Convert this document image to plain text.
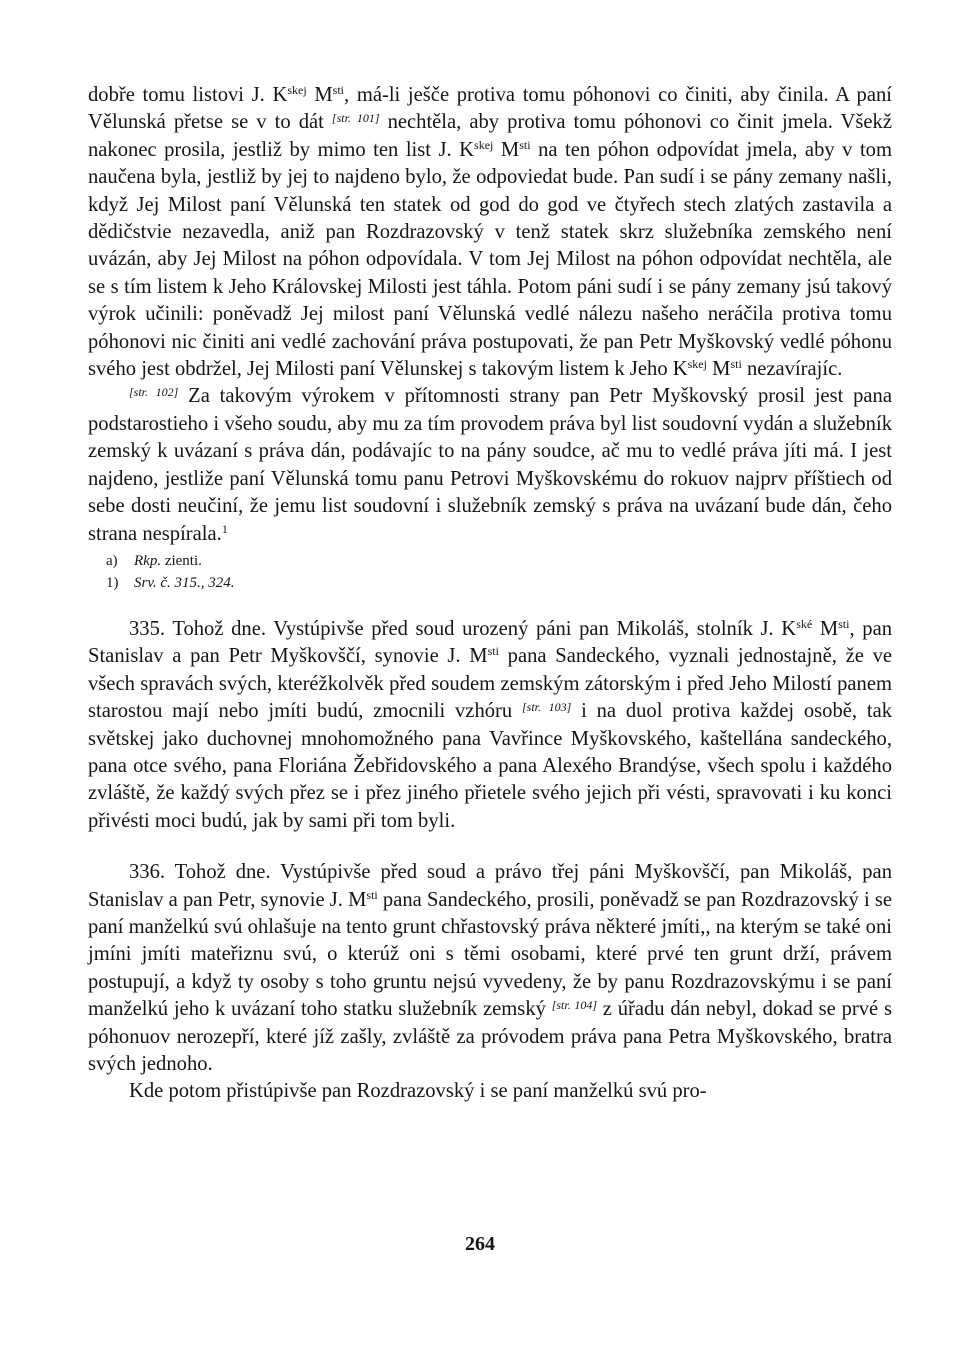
dobře tomu listovi J. $K^{skej}$ $M^{sti}$, má-li ješče protiva tomu póhonovi co činiti, aby činila. A paní Vělunská přetse se v to dát [str. 101] nechtěla, aby protiva tomu póhonovi co činit jmela. Všekž nakonec prosila, jestliž by mimo ten list J. $K^{skej}$ $M^{sti}$ na ten póhon odpovídat jmela, aby v tom naučena byla, jestliž by jej to najdeno bylo, že odpoviedat bude. Pan sudí i se pány zemany našli, když Jej Milost paní Vělunská ten statek od god do god ve čtyřech stech zlatých zastavila a dědičstvie nezavedla, aniž pan Rozdrazovský v tenž statek skrz služebníka zemského není uvázán, aby Jej Milost na póhon odpovídala. V tom Jej Milost na póhon odpovídat nechtěla, ale se s tím listem k Jeho Královskej Milosti jest táhla. Potom páni sudí i se pány zemany jsú takový výrok učinili: poněvadž Jej milost paní Vělunská vedlé nálezu našeho neráčila protiva tomu póhonovi nic činiti ani vedlé zachování práva postupovati, že pan Petr Myškovský vedlé póhonu svého jest obdržel, Jej Milosti paní Vělunskej s takovým listem k Jeho $K^{skej}$ $M^{sti}$ nezavírajíc.

[str. 102] Za takovým výrokem v přítomnosti strany pan Petr Myškovský prosil jest pana podstarostieho i všeho soudu, aby mu za tím provodem práva byl list soudovní vydán a služebník zemský k uvázaní s práva dán, podávajíc to na pány soudce, ač mu to vedlé práva jíti má. I jest najdeno, jestliže paní Vělunská tomu panu Petrovi Myškovskému do rokuov najprv příštiech od sebe dosti neučiní, že jemu list soudovní i služebník zemský s práva na uvázaní bude dán, čeho strana nespírala.$^1$

a) Rkp. zienti.
1) Srv. č. 315., 324.

335. Tohož dne. Vystúpivše před soud urozený páni pan Mikoláš, stolník J. $K^{ské}$ $M^{sti}$, pan Stanislav a pan Petr Myškovščí, synovie J. $M^{sti}$ pana Sandeckého, vyznali jednostajně, že ve všech spravách svých, kteréžkolvěk před soudem zemským zátorským i před Jeho Milostí panem starostou mají nebo jmíti budú, zmocnili vzhóru [str. 103] i na duol protiva každej osobě, tak světskej jako duchovnej mnohomožného pana Vavřince Myškovského, kaštellána sandeckého, pana otce svého, pana Floriána Žebřidovského a pana Alexého Brandýse, všech spolu i každého zvláště, že každý svých přez se i přez jiného přietele svého jejich při vésti, spravovati i ku konci přivésti moci budú, jak by sami při tom byli.

336. Tohož dne. Vystúpivše před soud a právo třej páni Myškovščí, pan Mikoláš, pan Stanislav a pan Petr, synovie J. $M^{sti}$ pana Sandeckého, prosili, poněvadž se pan Rozdrazovský i se paní manželkú svú ohlašuje na tento grunt chřastovský práva některé jmíti,, na kterým se také oni jmíni jmíti mateřiznu svú, o kterúž oni s těmi osobami, které prvé ten grunt drží, právem postupují, a když ty osoby s toho gruntu nejsú vyvedeny, že by panu Rozdrazovskýmu i se paní manželkú jeho k uvázaní toho statku služebník zemský [str. 104] z úřadu dán nebyl, dokad se prvé s póhonuov nerozepří, které jíž zašly, zvláště za próvodem práva pana Petra Myškovského, bratra svých jednoho.

Kde potom přistúpivše pan Rozdrazovský i se paní manželkú svú pro-

264
